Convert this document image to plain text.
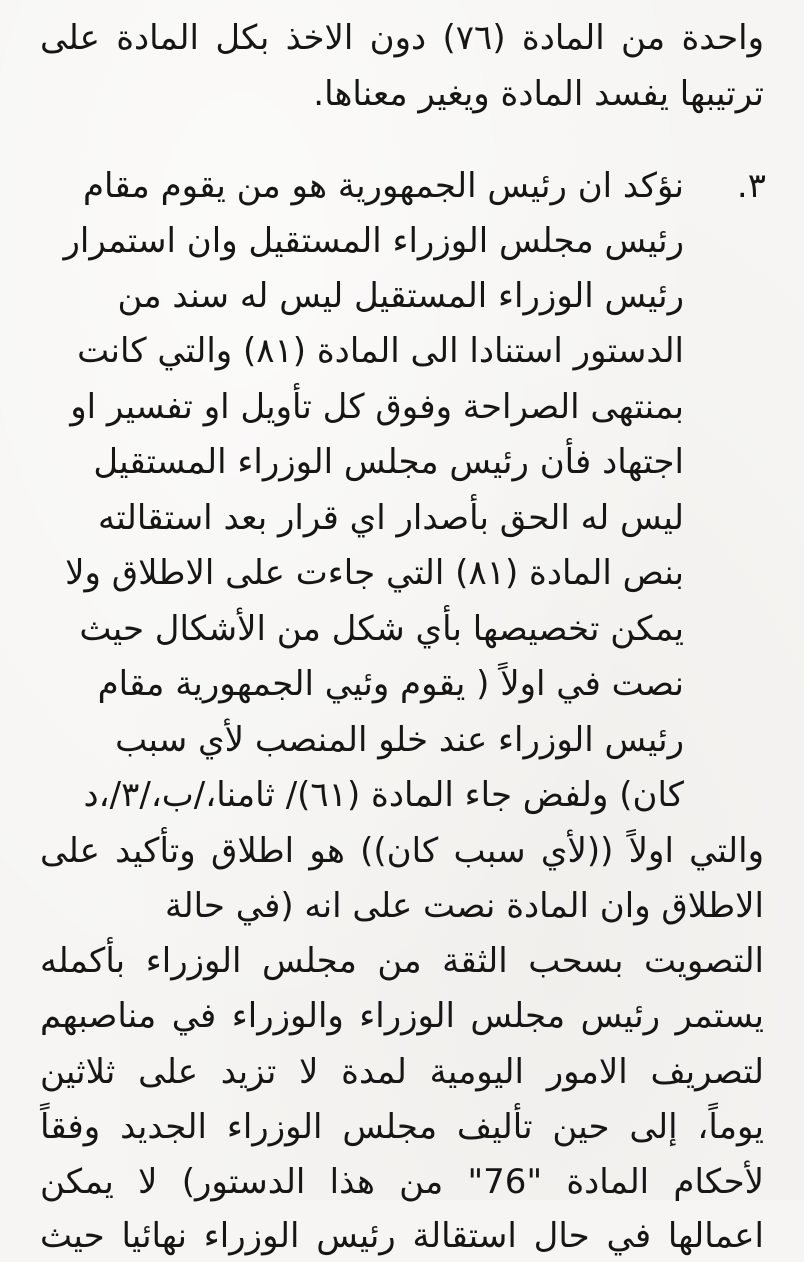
واحدة من المادة (٧٦) دون الاخذ بكل المادة على
ترتيبها يفسد المادة ويغير معناها.
٣.
نؤكد ان رئيس الجمهورية هو من يقوم مقام
رئيس مجلس الوزراء المستقيل وان استمرار
رئيس الوزراء المستقيل ليس له سند من
الدستور استنادا الى المادة (٨١) والتي كانت
بمنتهى الصراحة وفوق كل تأويل او تفسير او
اجتهاد فأن رئيس مجلس الوزراء المستقيل
ليس له الحق بأصدار اي قرار بعد استقالته
بنص المادة (٨١) التي جاءت على الاطلاق ولا
يمكن تخصيصها بأي شكل من الأشكال حيث
نصت في اولاً ( يقوم وئيي الجمهورية مقام
رئيس الوزراء عند خلو المنصب لأي سبب
كان) ولفض جاء المادة (٦١)/ ثامنا،/ب،/٣/،د
والتي اولاً ((لأي سبب كان)) هو اطلاق وتأكيد على
الاطلاق وان المادة نصت على انه (في حالة
التصويت بسحب الثقة من مجلس الوزراء بأكمله
يستمر رئيس مجلس الوزراء والوزراء في مناصبهم
لتصريف الامور اليومية لمدة لا تزيد على ثلاثين
يوماً، إلى حين تأليف مجلس الوزراء الجديد وفقاً
لأحكام المادة "76" من هذا الدستور) لا يمكن
اعمالها في حال استقالة رئيس الوزراء نهائيا حيث
